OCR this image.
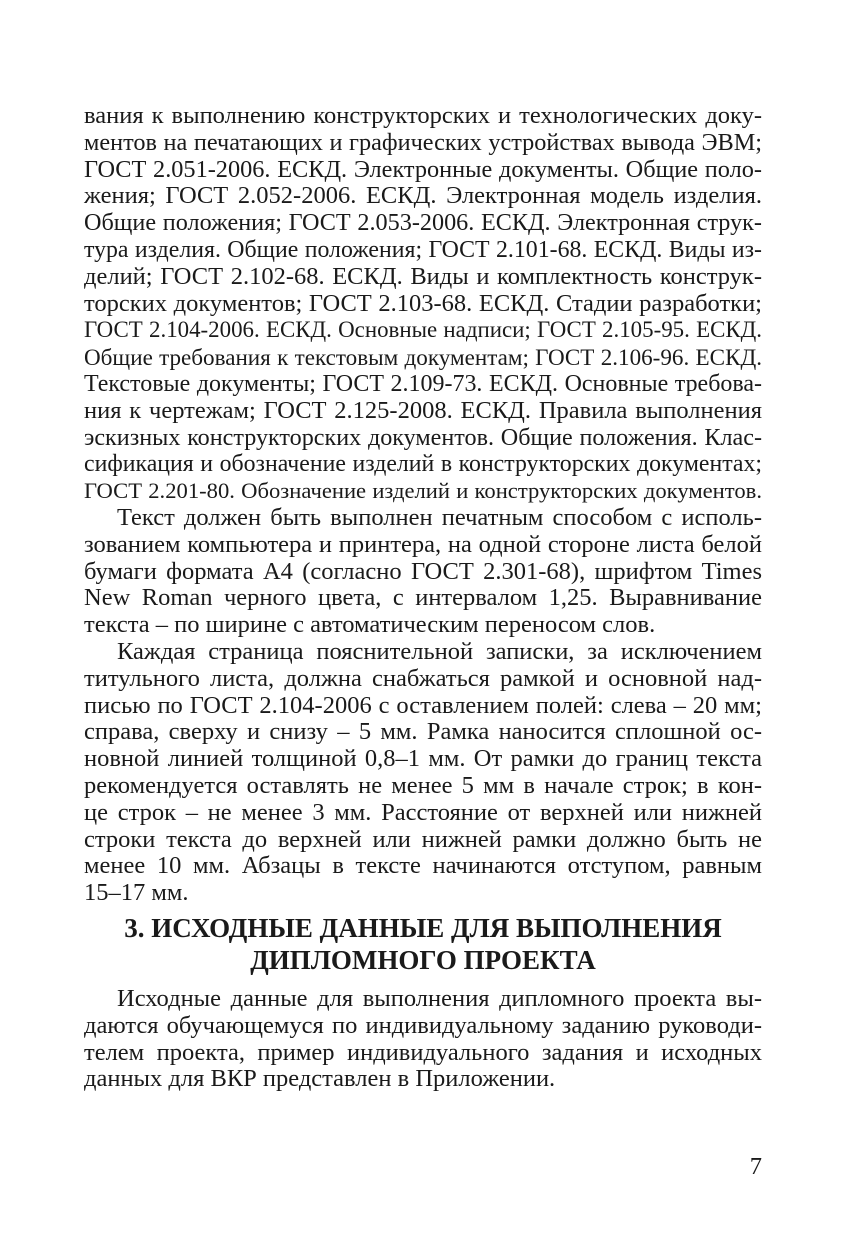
вания к выполнению конструкторских и технологических доку-
ментов на печатающих и графических устройствах вывода ЭВМ;
ГОСТ 2.051-2006. ЕСКД. Электронные документы. Общие поло-
жения; ГОСТ 2.052-2006. ЕСКД. Электронная модель изделия.
Общие положения; ГОСТ 2.053-2006. ЕСКД. Электронная струк-
тура изделия. Общие положения; ГОСТ 2.101-68. ЕСКД. Виды из-
делий; ГОСТ 2.102-68. ЕСКД. Виды и комплектность конструк-
торских документов; ГОСТ 2.103-68. ЕСКД. Стадии разработки;
ГОСТ 2.104-2006. ЕСКД. Основные надписи; ГОСТ 2.105-95. ЕСКД.
Общие требования к текстовым документам; ГОСТ 2.106-96. ЕСКД.
Текстовые документы; ГОСТ 2.109-73. ЕСКД. Основные требова-
ния к чертежам; ГОСТ 2.125-2008. ЕСКД. Правила выполнения
эскизных конструкторских документов. Общие положения. Клас-
сификация и обозначение изделий в конструкторских документах;
ГОСТ 2.201-80. Обозначение изделий и конструкторских документов.
Текст должен быть выполнен печатным способом с исполь-
зованием компьютера и принтера, на одной стороне листа белой
бумаги формата А4 (согласно ГОСТ 2.301-68), шрифтом Times
New Roman черного цвета, с интервалом 1,25. Выравнивание
текста – по ширине с автоматическим переносом слов.
Каждая страница пояснительной записки, за исключением
титульного листа, должна снабжаться рамкой и основной над-
писью по ГОСТ 2.104-2006 с оставлением полей: слева – 20 мм;
справа, сверху и снизу – 5 мм. Рамка наносится сплошной ос-
новной линией толщиной 0,8–1 мм. От рамки до границ текста
рекомендуется оставлять не менее 5 мм в начале строк; в кон-
це строк – не менее 3 мм. Расстояние от верхней или нижней
строки текста до верхней или нижней рамки должно быть не
менее 10 мм. Абзацы в тексте начинаются отступом, равным
15–17 мм.
3. ИСХОДНЫЕ ДАННЫЕ ДЛЯ ВЫПОЛНЕНИЯ
ДИПЛОМНОГО ПРОЕКТА
Исходные данные для выполнения дипломного проекта вы-
даются обучающемуся по индивидуальному заданию руководи-
телем проекта, пример индивидуального задания и исходных
данных для ВКР представлен в Приложении.
7
